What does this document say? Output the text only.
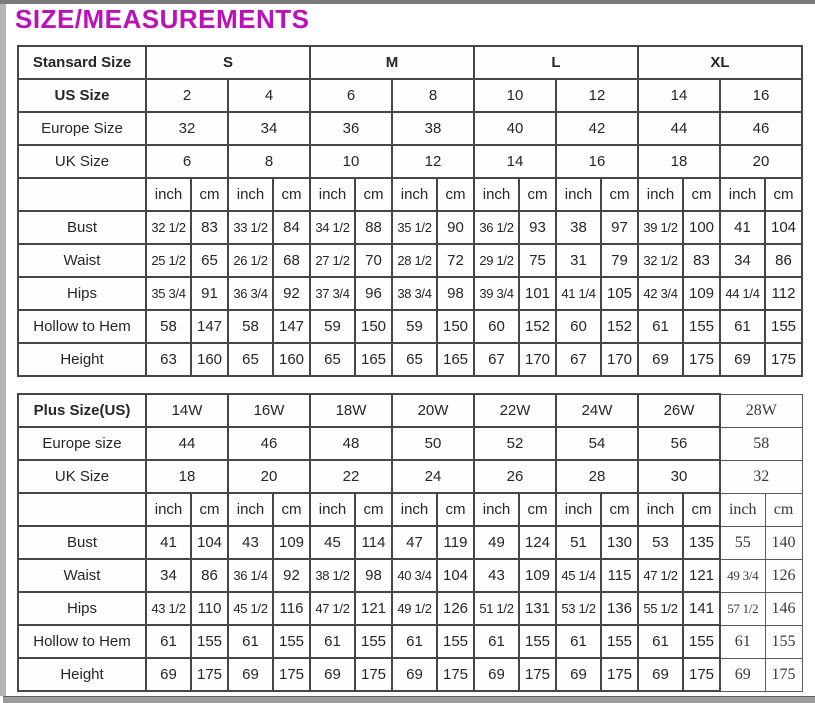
SIZE/MEASUREMENTS
Stansard Size	S				M				L				XL			
US Size	2		4		6		8		10		12		14		16	
Europe Size	32		34		36		38		40		42		44		46	
UK Size	6		8		10		12		14		16		18		20	
	inch	cm	inch	cm	inch	cm	inch	cm	inch	cm	inch	cm	inch	cm	inch	cm
Bust	32 1/2	83	33 1/2	84	34 1/2	88	35 1/2	90	36 1/2	93	38	97	39 1/2	100	41	104
Waist	25 1/2	65	26 1/2	68	27 1/2	70	28 1/2	72	29 1/2	75	31	79	32 1/2	83	34	86
Hips	35 3/4	91	36 3/4	92	37 3/4	96	38 3/4	98	39 3/4	101	41 1/4	105	42 3/4	109	44 1/4	112
Hollow to Hem	58	147	58	147	59	150	59	150	60	152	60	152	61	155	61	155
Height	63	160	65	160	65	165	65	165	67	170	67	170	69	175	69	175
Plus Size(US)	14W		16W		18W		20W		22W		24W		26W		28W	
Europe size	44		46		48		50		52		54		56		58	
UK Size	18		20		22		24		26		28		30		32	
	inch	cm	inch	cm	inch	cm	inch	cm	inch	cm	inch	cm	inch	cm	inch	cm
Bust	41	104	43	109	45	114	47	119	49	124	51	130	53	135	55	140
Waist	34	86	36 1/4	92	38 1/2	98	40 3/4	104	43	109	45 1/4	115	47 1/2	121	49 3/4	126
Hips	43 1/2	110	45 1/2	116	47 1/2	121	49 1/2	126	51 1/2	131	53 1/2	136	55 1/2	141	57 1/2	146
Hollow to Hem	61	155	61	155	61	155	61	155	61	155	61	155	61	155	61	155
Height	69	175	69	175	69	175	69	175	69	175	69	175	69	175	69	175
